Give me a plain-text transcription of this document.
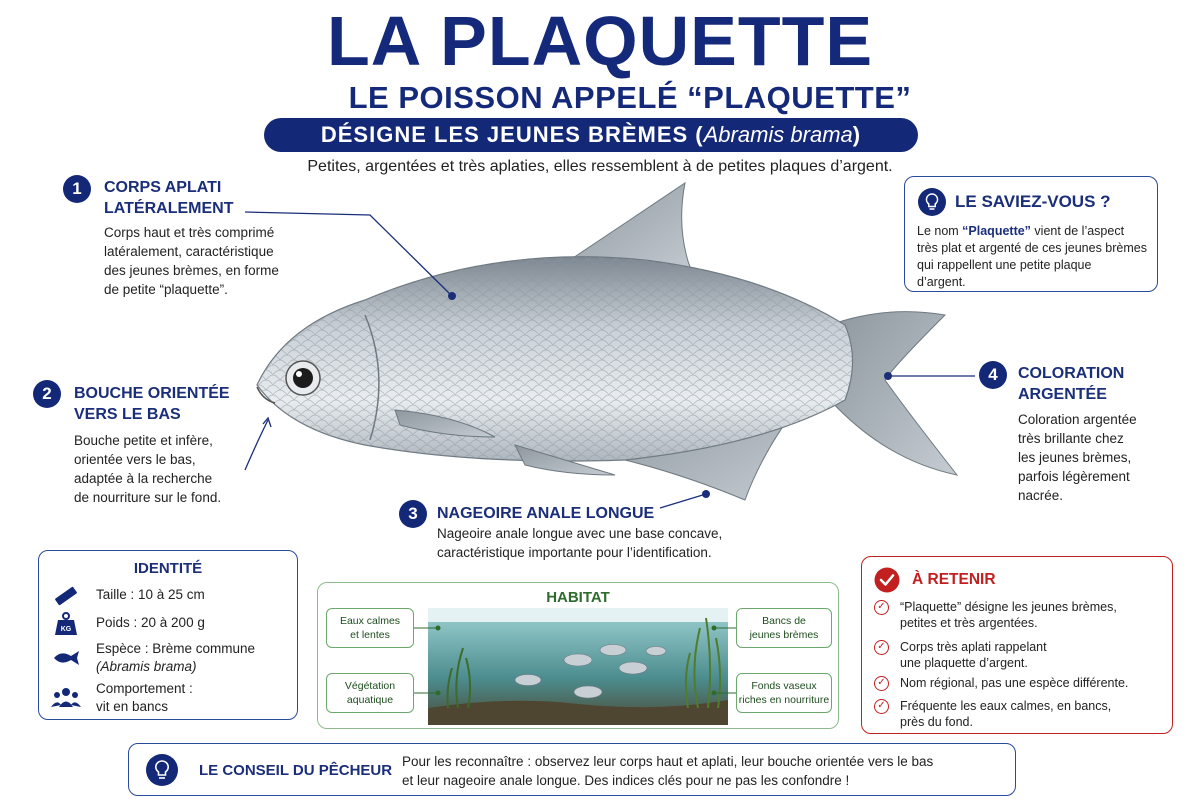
LA PLAQUETTE
LE POISSON APPELÉ “PLAQUETTE”
DÉSIGNE LES JEUNES BRÈMES (Abramis brama)
Petites, argentées et très aplaties, elles ressemblent à de petites plaques d’argent.
1	CORPS APLATI
LATÉRALEMENT
Corps haut et très comprimé
latéralement, caractéristique
des jeunes brèmes, en forme
de petite “plaquette”.
2	BOUCHE ORIENTÉE
VERS LE BAS
Bouche petite et infère,
orientée vers le bas,
adaptée à la recherche
de nourriture sur le fond.
3	NAGEOIRE ANALE LONGUE
Nageoire anale longue avec une base concave,
caractéristique importante pour l’identification.
4	COLORATION
ARGENTÉE
Coloration argentée
très brillante chez
les jeunes brèmes,
parfois légèrement
nacrée.
LE SAVIEZ-VOUS ?
Le nom “Plaquette” vient de l’aspect
très plat et argenté de ces jeunes brèmes
qui rappellent une petite plaque
d’argent.
IDENTITÉ
Taille : 10 à 25 cm
KG Poids : 20 à 200 g
Espèce : Brème commune
(Abramis brama)
Comportement :
vit en bancs
HABITAT
Eaux calmes
et lentes
Végétation
aquatique
Bancs de
jeunes brèmes
Fonds vaseux
riches en nourriture
À RETENIR
✓ “Plaquette” désigne les jeunes brèmes,
petites et très argentées.
✓ Corps très aplati rappelant
une plaquette d’argent.
✓ Nom régional, pas une espèce différente.
✓ Fréquente les eaux calmes, en bancs,
près du fond.
LE CONSEIL DU PÊCHEUR
Pour les reconnaître : observez leur corps haut et aplati, leur bouche orientée vers le bas
et leur nageoire anale longue. Des indices clés pour ne pas les confondre !
